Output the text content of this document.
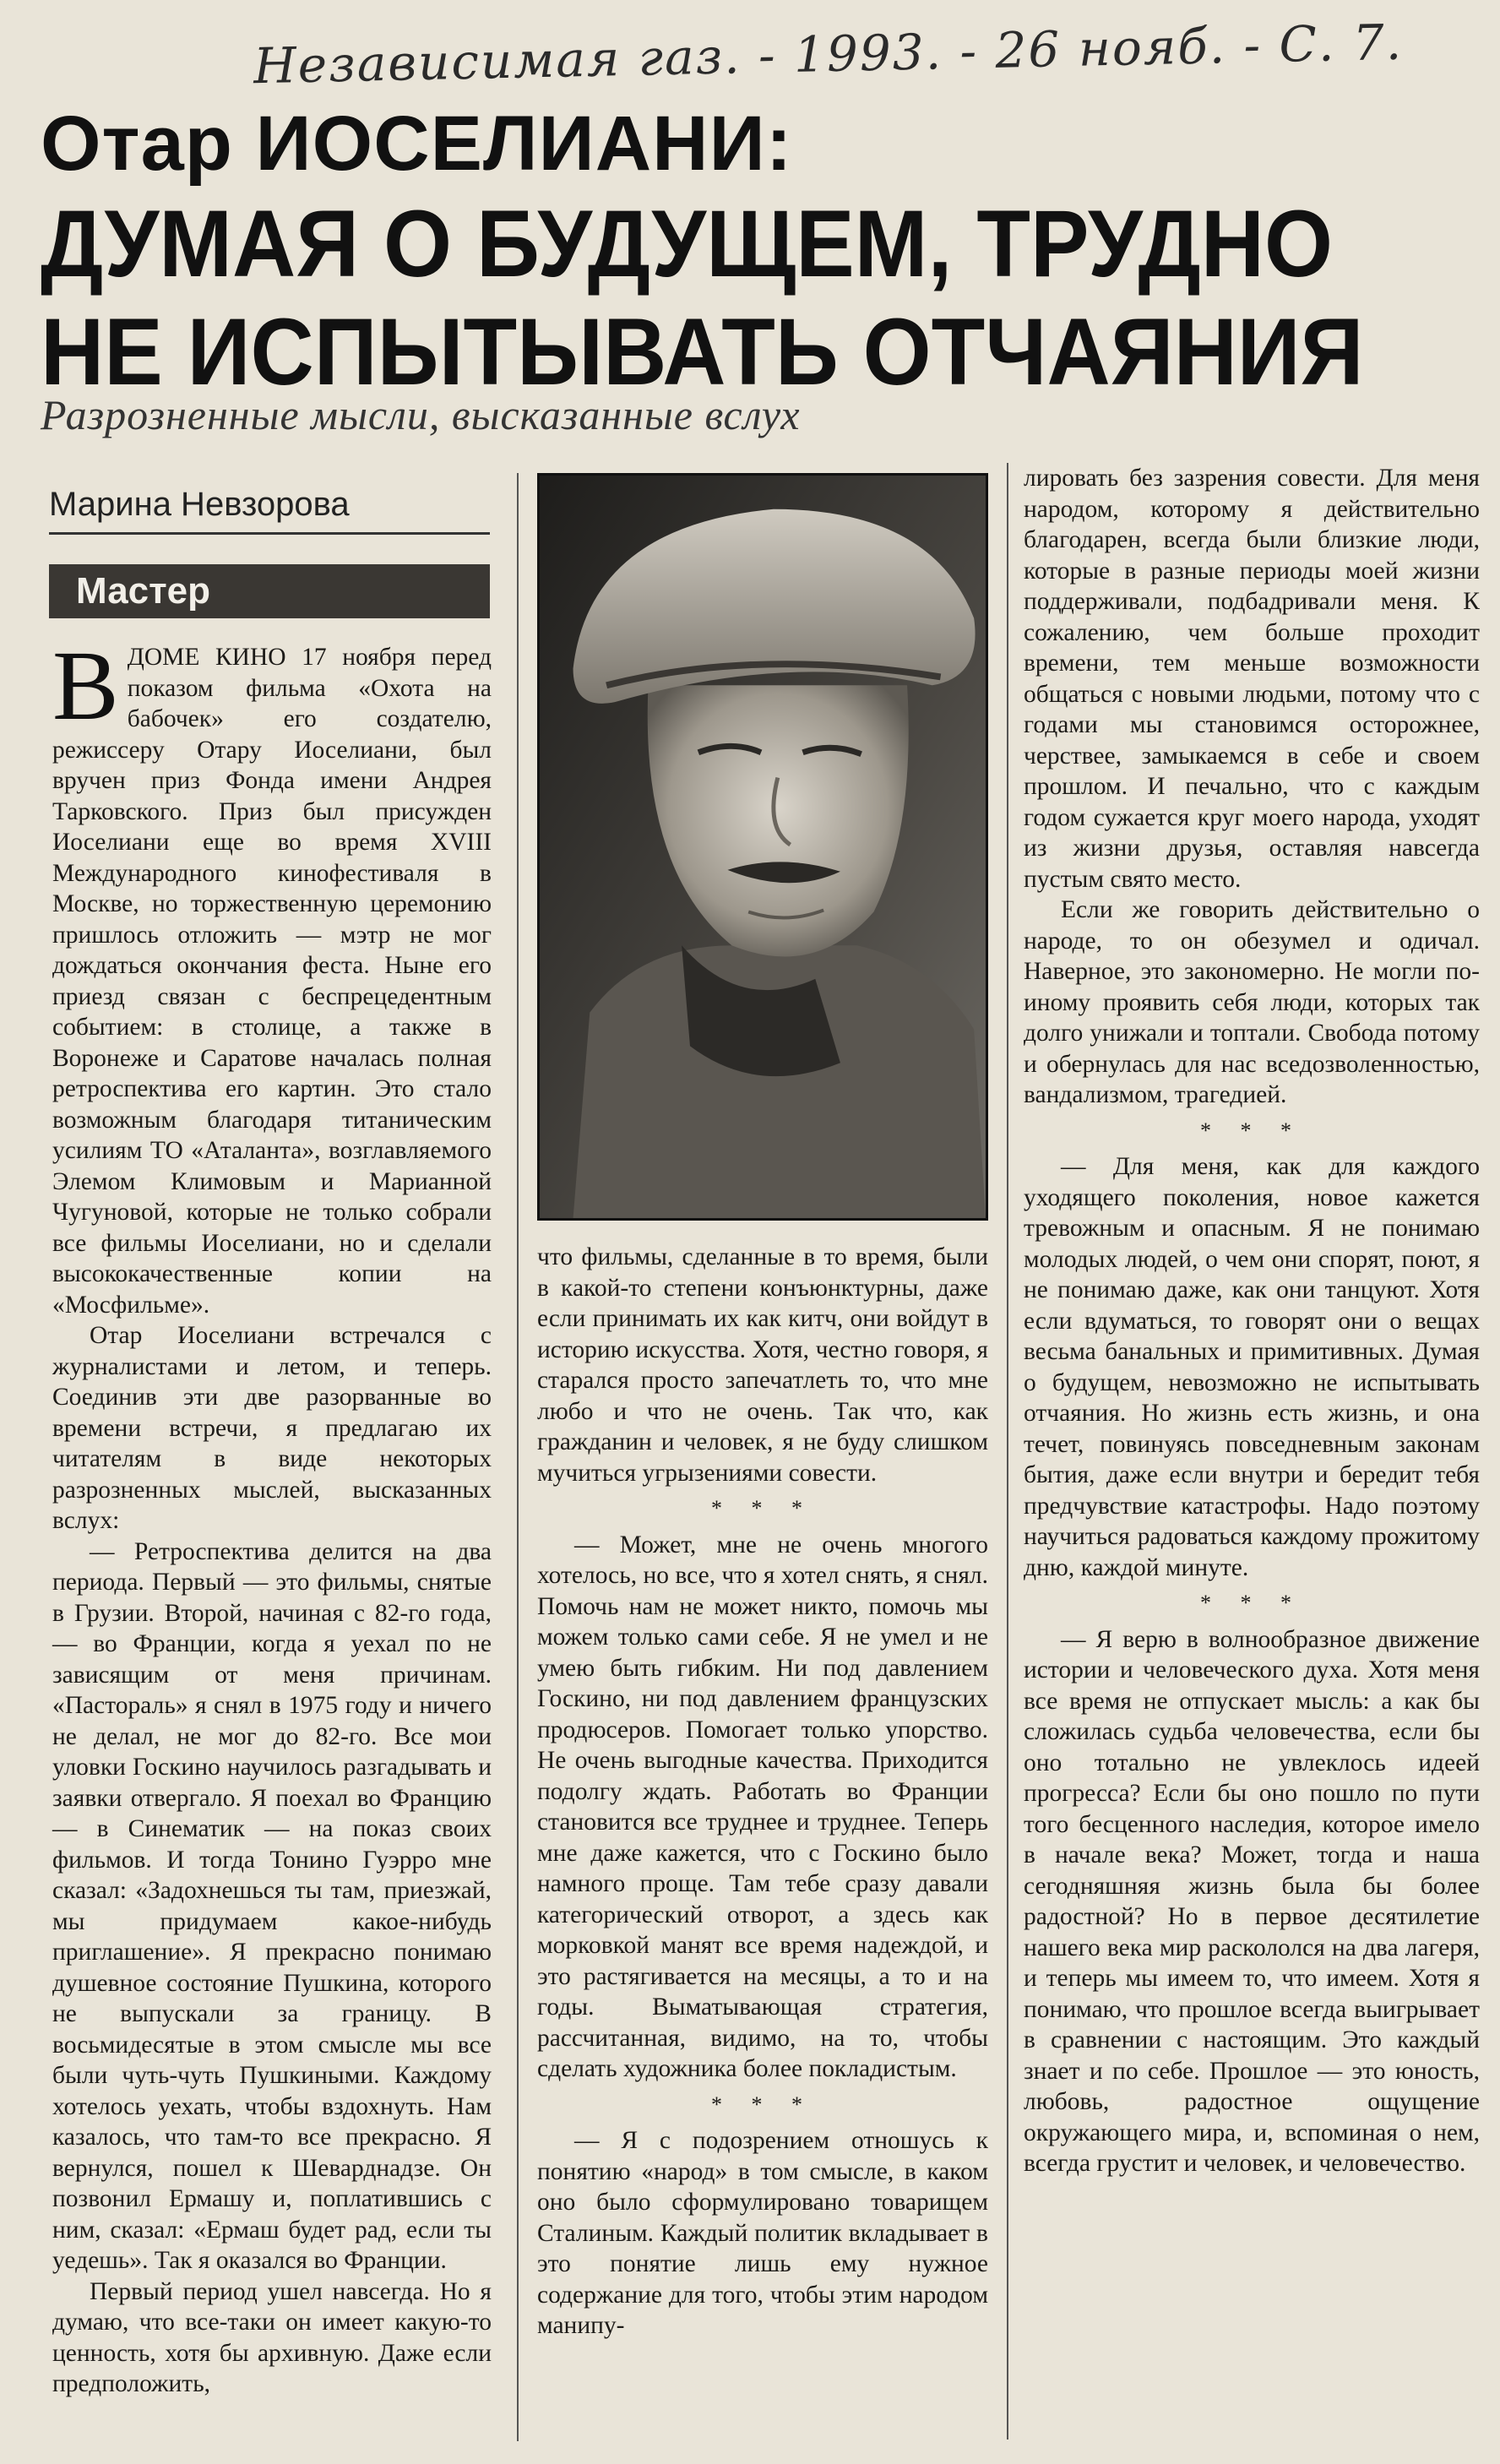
Независимая газ. - 1993. - 26 нояб. - С. 7.
Отар ИОСЕЛИАНИ:
ДУМАЯ О БУДУЩЕМ, ТРУДНО
НЕ ИСПЫТЫВАТЬ ОТЧАЯНИЯ
Разрозненные мысли, высказанные вслух
Марина Невзорова
Мастер

ВДОМЕ КИНО 17 ноября перед показом фильма «Охота на бабочек» его создателю, режиссеру Отару Иоселиани, был вручен приз Фонда имени Андрея Тарковского. Приз был присужден Иоселиани еще во время XVIII Международного кинофестиваля в Москве, но торжественную церемонию пришлось отложить — мэтр не мог дождаться окончания феста. Ныне его приезд связан с беспрецедентным событием: в столице, а также в Воронеже и Саратове началась полная ретроспектива его картин. Это стало возможным благодаря титаническим усилиям ТО «Аталанта», возглавляемого Элемом Климовым и Марианной Чугуновой, которые не только собрали все фильмы Иоселиани, но и сделали высококачественные копии на «Мосфильме».

Отар Иоселиани встречался с журналистами и летом, и теперь. Соединив эти две разорванные во времени встречи, я предлагаю их читателям в виде некоторых разрозненных мыслей, высказанных вслух:

— Ретроспектива делится на два периода. Первый — это фильмы, снятые в Грузии. Второй, начиная с 82-го года, — во Франции, когда я уехал по не зависящим от меня причинам. «Пастораль» я снял в 1975 году и ничего не делал, не мог до 82-го. Все мои уловки Госкино научилось разгадывать и заявки отвергало. Я поехал во Францию — в Синематик — на показ своих фильмов. И тогда Тонино Гуэрро мне сказал: «Задохнешься ты там, приезжай, мы придумаем какое-нибудь приглашение». Я прекрасно понимаю душевное состояние Пушкина, которого не выпускали за границу. В восьмидесятые в этом смысле мы все были чуть-чуть Пушкиными. Каждому хотелось уехать, чтобы вздохнуть. Нам казалось, что там-то все прекрасно. Я вернулся, пошел к Шеварднадзе. Он позвонил Ермашу и, поплатившись с ним, сказал: «Ермаш будет рад, если ты уедешь». Так я оказался во Франции.

Первый период ушел навсегда. Но я думаю, что все-таки он имеет какую-то ценность, хотя бы архивную. Даже если предположить,

что фильмы, сделанные в то время, были в какой-то степени конъюнктурны, даже если принимать их как китч, они войдут в историю искусства. Хотя, честно говоря, я старался просто запечатлеть то, что мне любо и что не очень. Так что, как гражданин и человек, я не буду слишком мучиться угрызениями совести.

* * *

— Может, мне не очень многого хотелось, но все, что я хотел снять, я снял. Помочь нам не может никто, помочь мы можем только сами себе. Я не умел и не умею быть гибким. Ни под давлением Госкино, ни под давлением французских продюсеров. Помогает только упорство. Не очень выгодные качества. Приходится подолгу ждать. Работать во Франции становится все труднее и труднее. Теперь мне даже кажется, что с Госкино было намного проще. Там тебе сразу давали категорический отворот, а здесь как морковкой манят все время надеждой, и это растягивается на месяцы, а то и на годы. Выматывающая стратегия, рассчитанная, видимо, на то, чтобы сделать художника более покладистым.

* * *

— Я с подозрением отношусь к понятию «народ» в том смысле, в каком оно было сформулировано товарищем Сталиным. Каждый политик вкладывает в это понятие лишь ему нужное содержание для того, чтобы этим народом манипу-

лировать без зазрения совести. Для меня народом, которому я действительно благодарен, всегда были близкие люди, которые в разные периоды моей жизни поддерживали, подбадривали меня. К сожалению, чем больше проходит времени, тем меньше возможности общаться с новыми людьми, потому что с годами мы становимся осторожнее, черствее, замыкаемся в себе и своем прошлом. И печально, что с каждым годом сужается круг моего народа, уходят из жизни друзья, оставляя навсегда пустым свято место.

Если же говорить действительно о народе, то он обезумел и одичал. Наверное, это закономерно. Не могли по-иному проявить себя люди, которых так долго унижали и топтали. Свобода потому и обернулась для нас вседозволенностью, вандализмом, трагедией.

* * *

— Для меня, как для каждого уходящего поколения, новое кажется тревожным и опасным. Я не понимаю молодых людей, о чем они спорят, поют, я не понимаю даже, как они танцуют. Хотя если вдуматься, то говорят они о вещах весьма банальных и примитивных. Думая о будущем, невозможно не испытывать отчаяния. Но жизнь есть жизнь, и она течет, повинуясь повседневным законам бытия, даже если внутри и бередит тебя предчувствие катастрофы. Надо поэтому научиться радоваться каждому прожитому дню, каждой минуте.

* * *

— Я верю в волнообразное движение истории и человеческого духа. Хотя меня все время не отпускает мысль: а как бы сложилась судьба человечества, если бы оно тотально не увлеклось идеей прогресса? Если бы оно пошло по пути того бесценного наследия, которое имело в начале века? Может, тогда и наша сегодняшняя жизнь была бы более радостной? Но в первое десятилетие нашего века мир раскололся на два лагеря, и теперь мы имеем то, что имеем. Хотя я понимаю, что прошлое всегда выигрывает в сравнении с настоящим. Это каждый знает и по себе. Прошлое — это юность, любовь, радостное ощущение окружающего мира, и, вспоминая о нем, всегда грустит и человек, и человечество.
